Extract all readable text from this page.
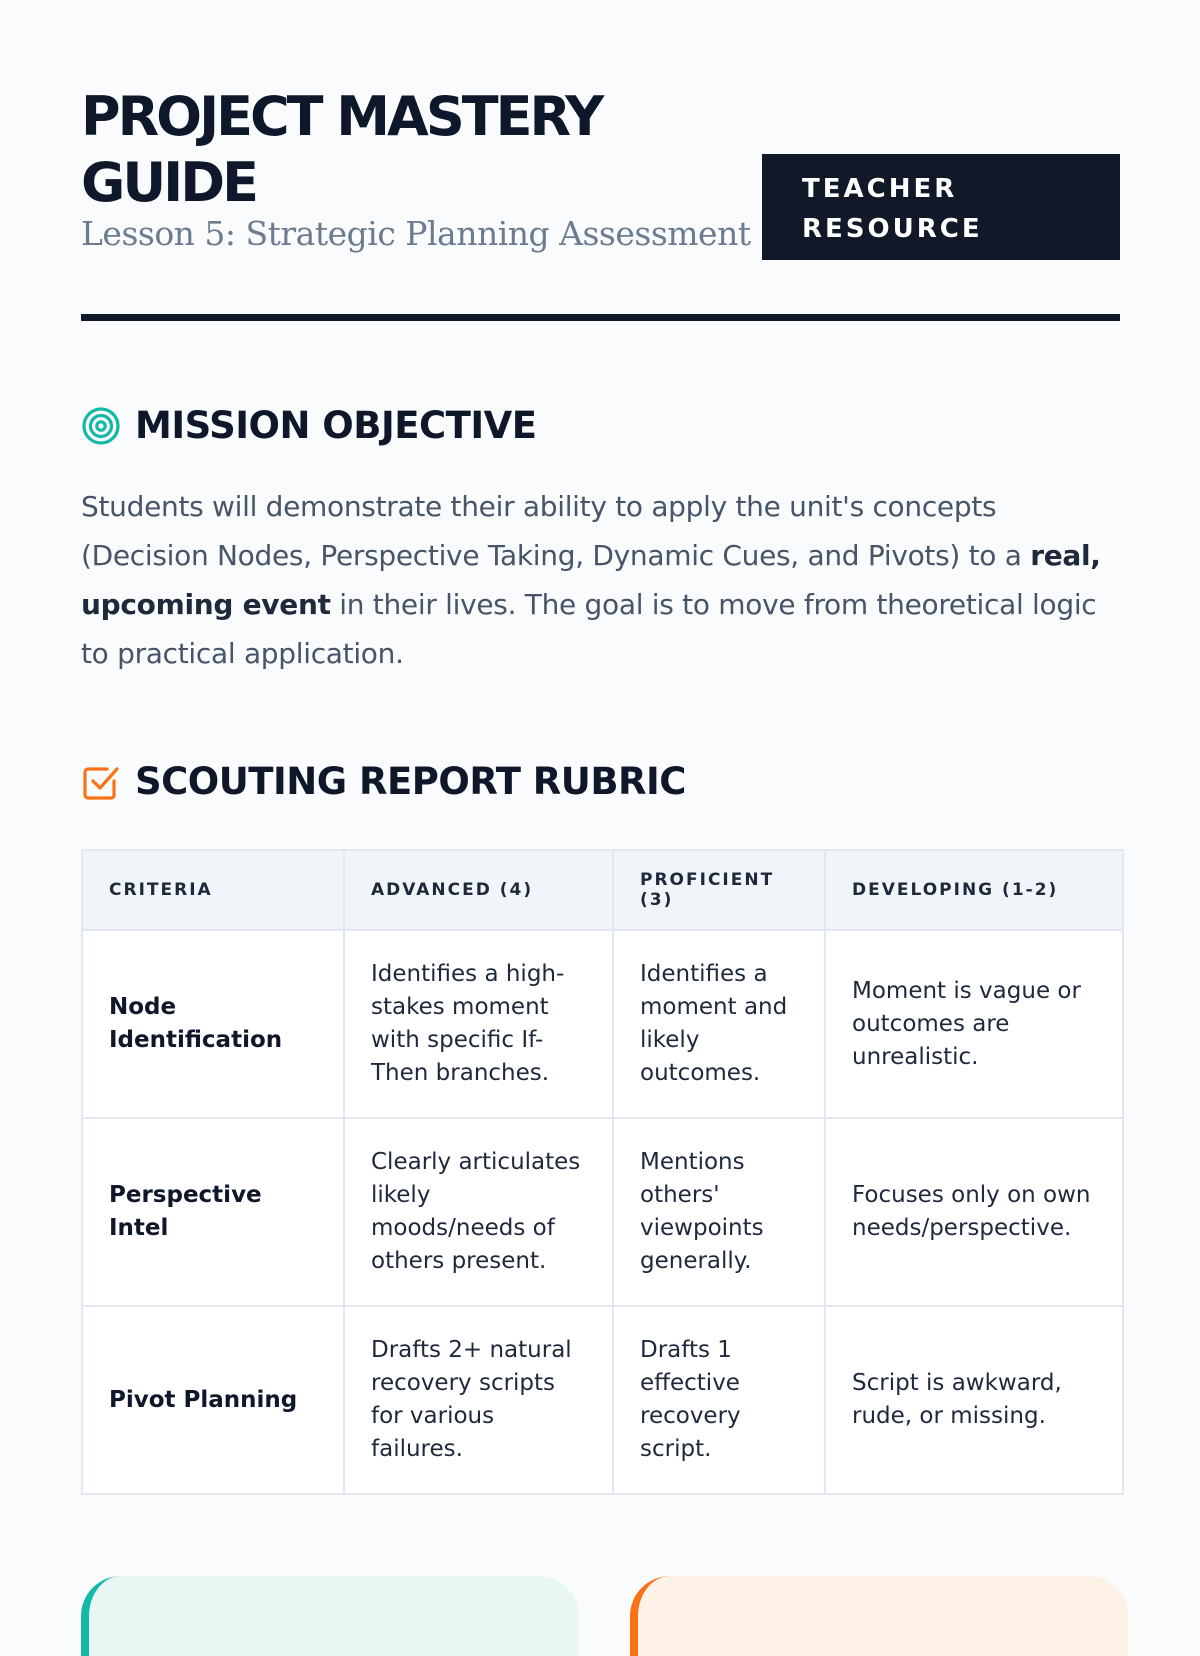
PROJECT MASTERY GUIDE

Lesson 5: Strategic Planning Assessment

TEACHER
RESOURCE
MISSION OBJECTIVE

Students will demonstrate their ability to apply the unit's concepts (Decision Nodes, Perspective Taking, Dynamic Cues, and Pivots) to a real, upcoming event in their lives. The goal is to move from theoretical logic to practical application.

SCOUTING REPORT RUBRIC
CRITERIA	ADVANCED (4)	PROFICIENT (3)	DEVELOPING (1-2)
Node Identification	Identifies a high-stakes moment with specific If-Then branches.	Identifies a moment and likely outcomes.	Moment is vague or outcomes are unrealistic.
Perspective Intel	Clearly articulates likely moods/needs of others present.	Mentions others' viewpoints generally.	Focuses only on own needs/perspective.
Pivot Planning	Drafts 2+ natural recovery scripts for various failures.	Drafts 1 effective recovery script.	Script is awkward, rude, or missing.
